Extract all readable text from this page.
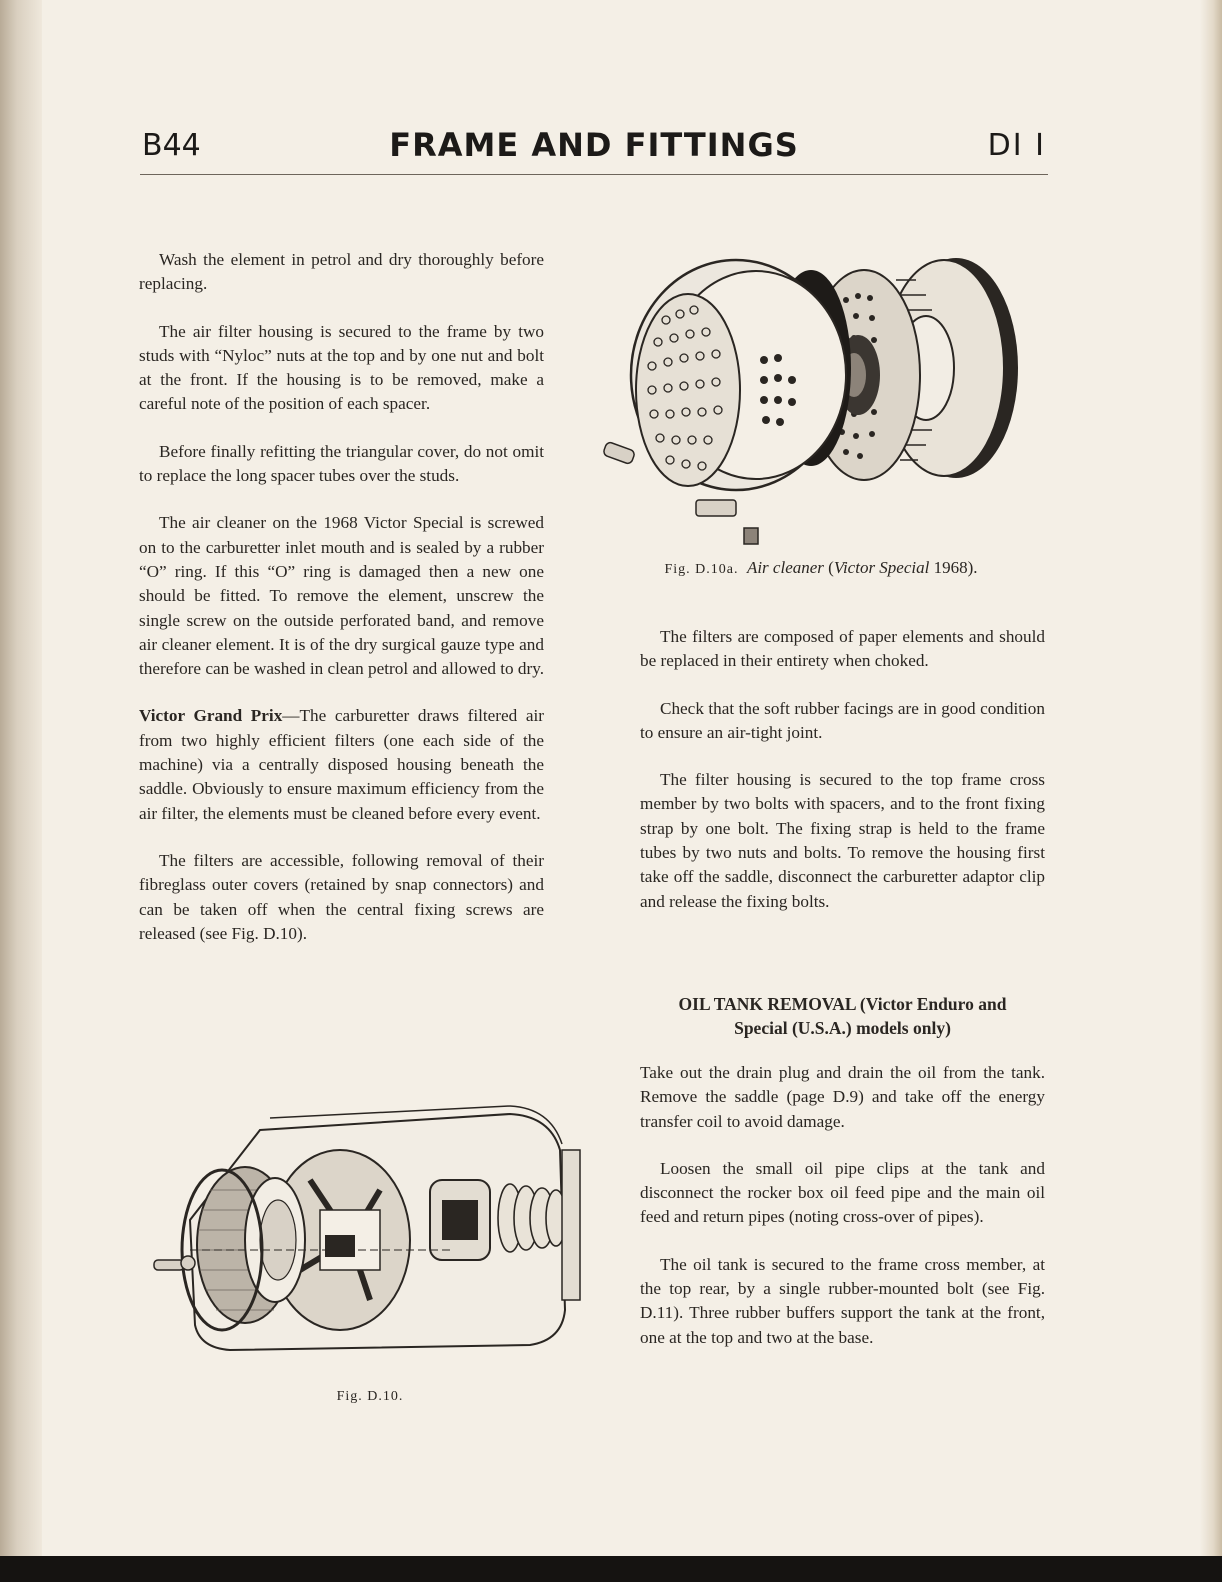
B44	FRAME AND FITTINGS	DI I

Wash the element in petrol and dry thoroughly before replacing.

The air filter housing is secured to the frame by two studs with “Nyloc” nuts at the top and by one nut and bolt at the front. If the housing is to be removed, make a careful note of the position of each spacer.

Before finally refitting the triangular cover, do not omit to replace the long spacer tubes over the studs.

The air cleaner on the 1968 Victor Special is screwed on to the carburetter inlet mouth and is sealed by a rubber “O” ring. If this “O” ring is damaged then a new one should be fitted. To remove the element, unscrew the single screw on the outside perforated band, and remove air cleaner element. It is of the dry surgical gauze type and therefore can be washed in clean petrol and allowed to dry.

Victor Grand Prix—The carburetter draws filtered air from two highly efficient filters (one each side of the machine) via a centrally disposed housing beneath the saddle. Obviously to ensure maximum efficiency from the air filter, the elements must be cleaned before every event.

The filters are accessible, following removal of their fibreglass outer covers (retained by snap connectors) and can be taken off when the central fixing screws are released (see Fig. D.10).

Fig. D.10a. Air cleaner (Victor Special 1968).

The filters are composed of paper elements and should be replaced in their entirety when choked.

Check that the soft rubber facings are in good condition to ensure an air-tight joint.

The filter housing is secured to the top frame cross member by two bolts with spacers, and to the front fixing strap by one bolt. The fixing strap is held to the frame tubes by two nuts and bolts. To remove the housing first take off the saddle, disconnect the carburetter adaptor clip and release the fixing bolts.

OIL TANK REMOVAL (Victor Enduro and
Special (U.S.A.) models only)

Take out the drain plug and drain the oil from the tank. Remove the saddle (page D.9) and take off the energy transfer coil to avoid damage.

Loosen the small oil pipe clips at the tank and disconnect the rocker box oil feed pipe and the main oil feed and return pipes (noting cross-over of pipes).

The oil tank is secured to the frame cross member, at the top rear, by a single rubber-mounted bolt (see Fig. D.11). Three rubber buffers support the tank at the front, one at the top and two at the base.

Fig. D.10.
